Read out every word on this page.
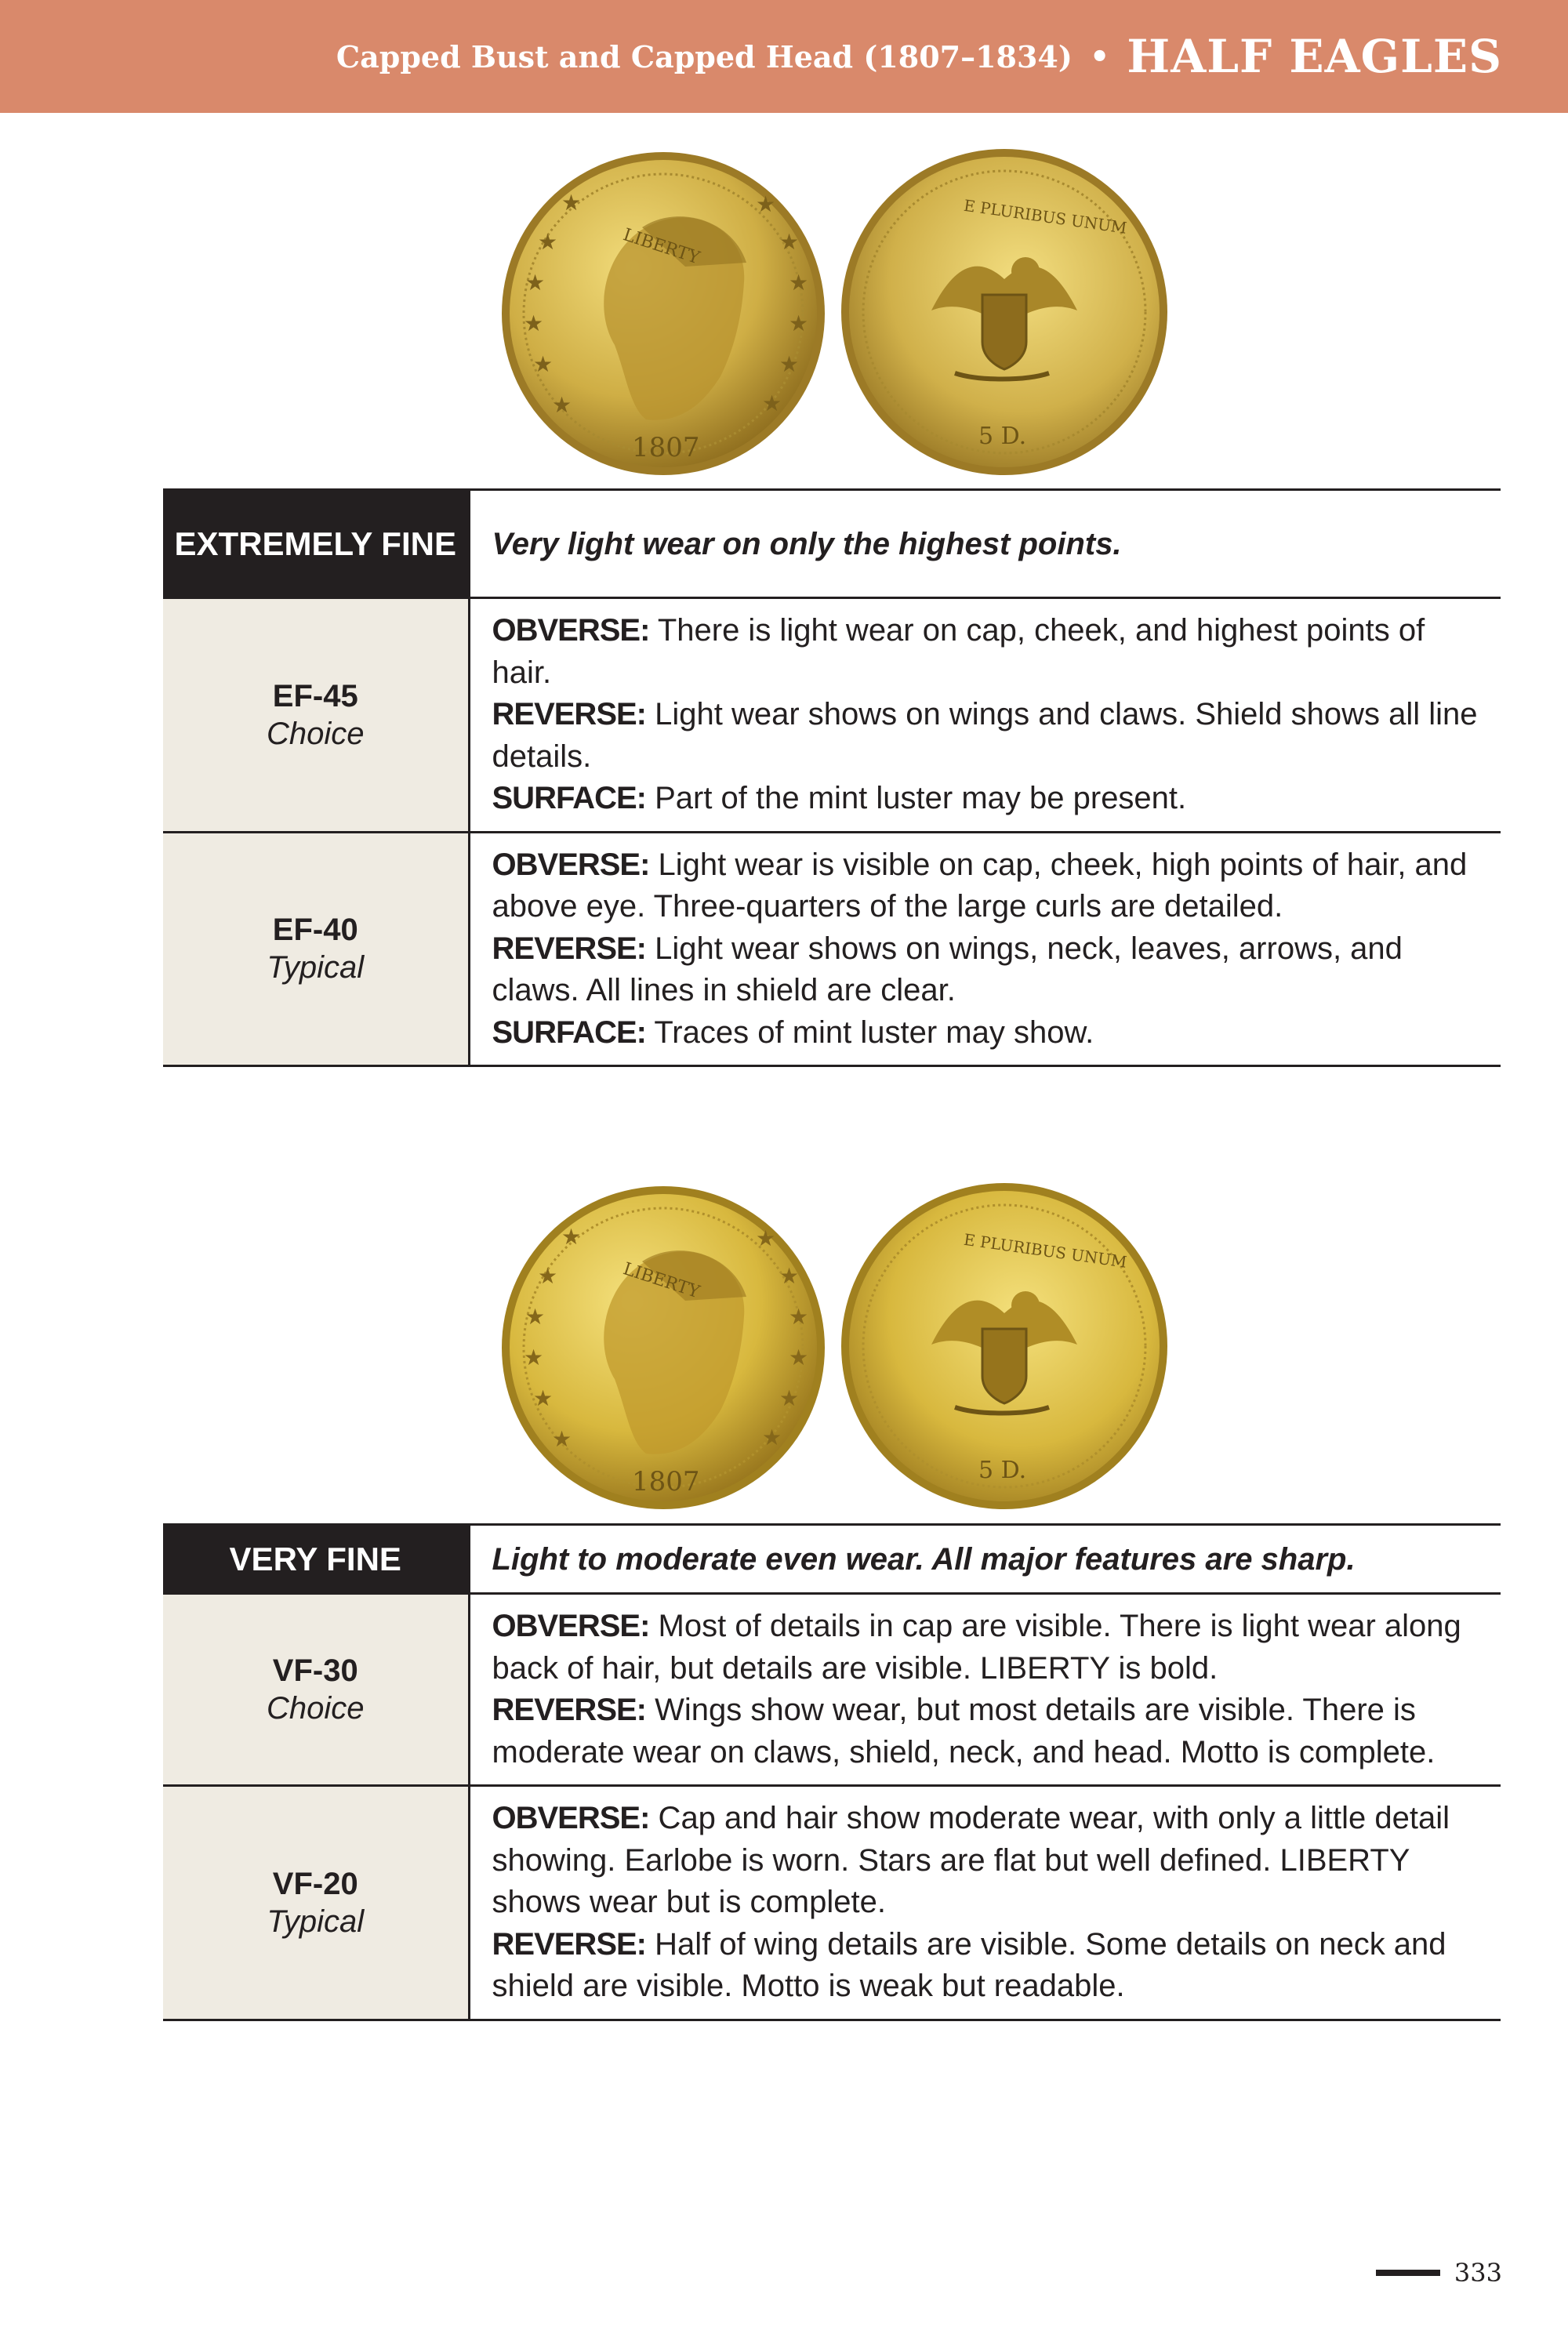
Capped Bust and Capped Head (1807–1834) • HALF EAGLES
★
★
★
★
★
★
★
★
★
★
★
★
LIBERTY
1807
E PLURIBUS UNUM
5 D.
EXTREMELY FINE	Very light wear on only the highest points.

EF-45
Choice	OBVERSE: There is light wear on cap, cheek, and highest points of
hair.
REVERSE: Light wear shows on wings and claws. Shield shows all line
details.
SURFACE: Part of the mint luster may be present.

EF-40
Typical	OBVERSE: Light wear is visible on cap, cheek, high points of hair, and
above eye. Three-quarters of the large curls are detailed.
REVERSE: Light wear shows on wings, neck, leaves, arrows, and
claws. All lines in shield are clear.
SURFACE: Traces of mint luster may show.
★
★
★
★
★
★
★
★
★
★
★
★
LIBERTY
1807
E PLURIBUS UNUM
5 D.
VERY FINE	Light to moderate even wear. All major features are sharp.

VF-30
Choice	OBVERSE: Most of details in cap are visible. There is light wear along
back of hair, but details are visible. LIBERTY is bold.
REVERSE: Wings show wear, but most details are visible. There is
moderate wear on claws, shield, neck, and head. Motto is complete.

VF-20
Typical	OBVERSE: Cap and hair show moderate wear, with only a little detail
showing. Earlobe is worn. Stars are flat but well defined. LIBERTY
shows wear but is complete.
REVERSE: Half of wing details are visible. Some details on neck and
shield are visible. Motto is weak but readable.
333
